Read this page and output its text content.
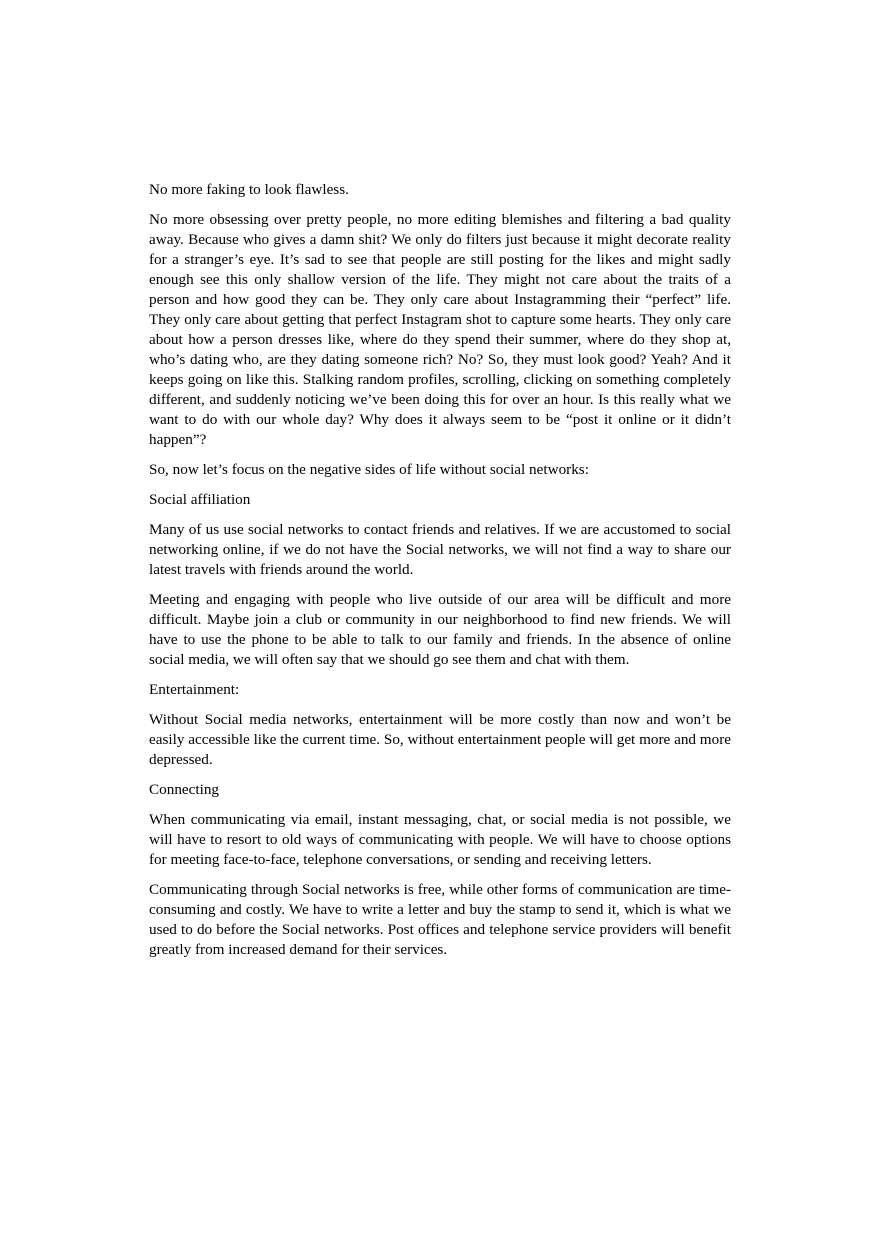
No more faking to look flawless.

No more obsessing over pretty people, no more editing blemishes and filtering a bad quality away. Because who gives a damn shit? We only do filters just because it might decorate reality for a stranger’s eye. It’s sad to see that people are still posting for the likes and might sadly enough see this only shallow version of the life. They might not care about the traits of a person and how good they can be. They only care about Instagramming their “perfect” life. They only care about getting that perfect Instagram shot to capture some hearts. They only care about how a person dresses like, where do they spend their summer, where do they shop at, who’s dating who, are they dating someone rich? No? So, they must look good? Yeah? And it keeps going on like this. Stalking random profiles, scrolling, clicking on something completely different, and suddenly noticing we’ve been doing this for over an hour. Is this really what we want to do with our whole day? Why does it always seem to be “post it online or it didn’t happen”?

So, now let’s focus on the negative sides of life without social networks:

Social affiliation

Many of us use social networks to contact friends and relatives. If we are accustomed to social networking online, if we do not have the Social networks, we will not find a way to share our latest travels with friends around the world.

Meeting and engaging with people who live outside of our area will be difficult and more difficult. Maybe join a club or community in our neighborhood to find new friends. We will have to use the phone to be able to talk to our family and friends. In the absence of online social media, we will often say that we should go see them and chat with them.

Entertainment:

Without Social media networks, entertainment will be more costly than now and won’t be easily accessible like the current time. So, without entertainment people will get more and more depressed.

Connecting

When communicating via email, instant messaging, chat, or social media is not possible, we will have to resort to old ways of communicating with people. We will have to choose options for meeting face-to-face, telephone conversations, or sending and receiving letters.

Communicating through Social networks is free, while other forms of communication are time-consuming and costly. We have to write a letter and buy the stamp to send it, which is what we used to do before the Social networks. Post offices and telephone service providers will benefit greatly from increased demand for their services.
